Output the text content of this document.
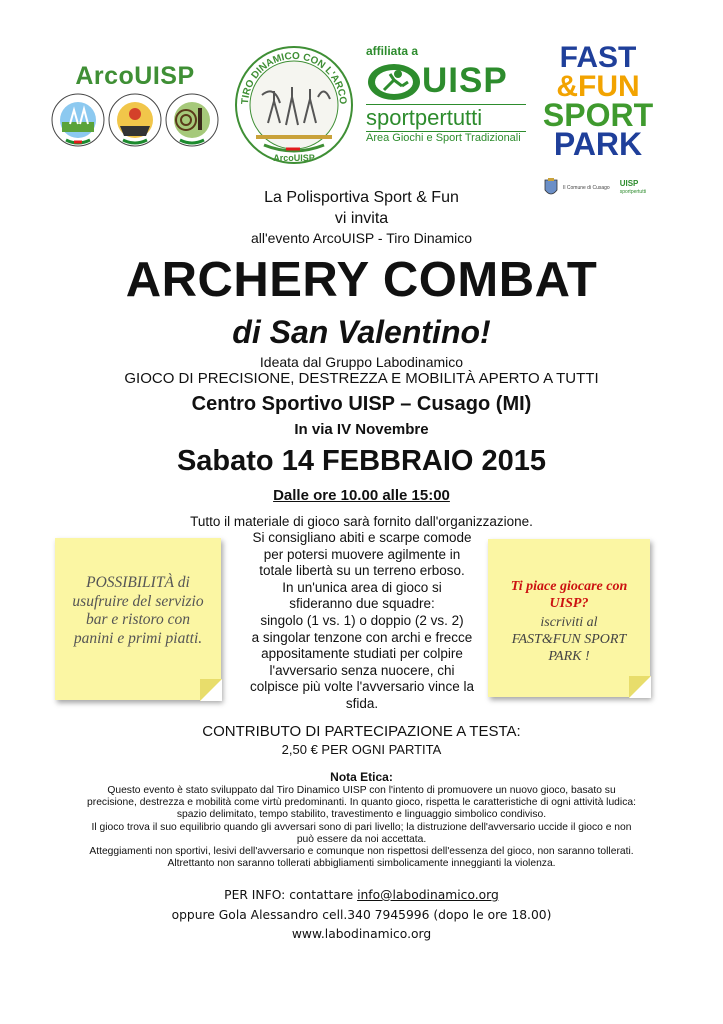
ArcoUISP
TIRO DINAMICO CON L'ARCO
ArcoUISP
affiliata a
UISP
sportpertutti
Area Giochi e Sport Tradizionali
FAST
&FUN
SPORT
PARK
Il Comune di Cusago UISP
sportpertutti
La Polisportiva Sport & Fun
vi invita
all'evento ArcoUISP - Tiro Dinamico
ARCHERY COMBAT
di San Valentino!
Ideata dal Gruppo Labodinamico
GIOCO DI PRECISIONE, DESTREZZA E MOBILITÀ APERTO A TUTTI
Centro Sportivo UISP – Cusago (MI)
In via IV Novembre
Sabato 14 FEBBRAIO 2015
Dalle ore 10.00 alle 15:00
Tutto il materiale di gioco sarà fornito dall'organizzazione.
Si consigliano abiti e scarpe comode
per potersi muovere agilmente in
totale libertà su un terreno erboso.
In un'unica area di gioco si
sfideranno due squadre:
singolo (1 vs. 1) o doppio (2 vs. 2)
a singolar tenzone con archi e frecce
appositamente studiati per colpire
l'avversario senza nuocere, chi
colpisce più volte l'avversario vince la
sfida.
POSSIBILITÀ di
usufruire del servizio
bar e ristoro con
panini e primi piatti.
Ti piace giocare con
UISP?
iscriviti al
FAST&FUN SPORT
PARK !
CONTRIBUTO DI PARTECIPAZIONE A TESTA:
2,50 € PER OGNI PARTITA
Nota Etica:
Questo evento è stato sviluppato dal Tiro Dinamico UISP con l'intento di promuovere un nuovo gioco, basato su
precisione, destrezza e mobilità come virtù predominanti. In quanto gioco, rispetta le caratteristiche di ogni attività ludica:
spazio delimitato, tempo stabilito, travestimento e linguaggio simbolico condiviso.
Il gioco trova il suo equilibrio quando gli avversari sono di pari livello; la distruzione dell'avversario uccide il gioco e non
può essere da noi accettata.
Atteggiamenti non sportivi, lesivi dell'avversario e comunque non rispettosi dell'essenza del gioco, non saranno tollerati.
Altrettanto non saranno tollerati abbigliamenti simbolicamente inneggianti la violenza.
PER INFO: contattare info@labodinamico.org
oppure Gola Alessandro cell.340 7945996 (dopo le ore 18.00)
www.labodinamico.org
